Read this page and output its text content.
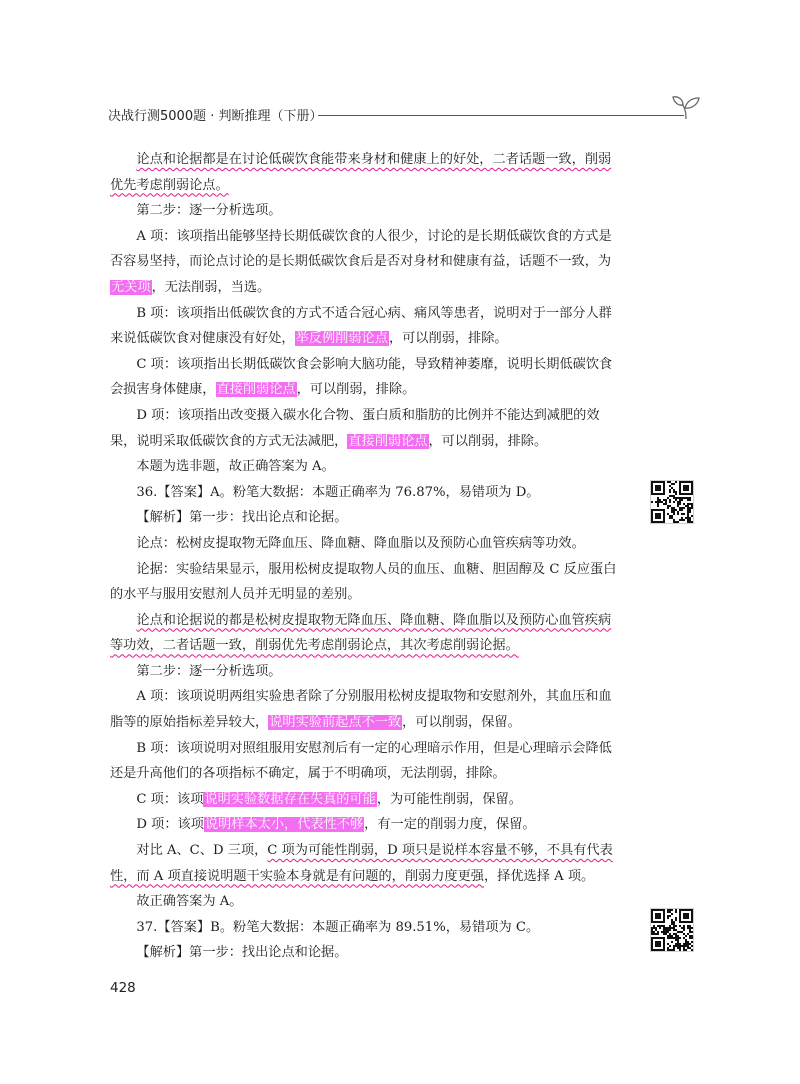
决战行测5000题 · 判断推理（下册）

论点和论据都是在讨论低碳饮食能带来身材和健康上的好处，二者话题一致，削弱优先考虑削弱论点。

第二步：逐一分析选项。

A 项：该项指出能够坚持长期低碳饮食的人很少，讨论的是长期低碳饮食的方式是否容易坚持，而论点讨论的是长期低碳饮食后是否对身材和健康有益，话题不一致，为无关项，无法削弱，当选。

B 项：该项指出低碳饮食的方式不适合冠心病、痛风等患者，说明对于一部分人群来说低碳饮食对健康没有好处，举反例削弱论点，可以削弱，排除。

C 项：该项指出长期低碳饮食会影响大脑功能，导致精神萎靡，说明长期低碳饮食会损害身体健康，直接削弱论点，可以削弱，排除。

D 项：该项指出改变摄入碳水化合物、蛋白质和脂肪的比例并不能达到减肥的效果，说明采取低碳饮食的方式无法减肥，直接削弱论点，可以削弱，排除。

本题为选非题，故正确答案为 A。

36.【答案】A。粉笔大数据：本题正确率为 76.87%，易错项为 D。

【解析】第一步：找出论点和论据。

论点：松树皮提取物无降血压、降血糖、降血脂以及预防心血管疾病等功效。

论据：实验结果显示，服用松树皮提取物人员的血压、血糖、胆固醇及 C 反应蛋白的水平与服用安慰剂人员并无明显的差别。

论点和论据说的都是松树皮提取物无降血压、降血糖、降血脂以及预防心血管疾病等功效，二者话题一致，削弱优先考虑削弱论点，其次考虑削弱论据。

第二步：逐一分析选项。

A 项：该项说明两组实验患者除了分别服用松树皮提取物和安慰剂外，其血压和血脂等的原始指标差异较大，说明实验前起点不一致，可以削弱，保留。

B 项：该项说明对照组服用安慰剂后有一定的心理暗示作用，但是心理暗示会降低还是升高他们的各项指标不确定，属于不明确项，无法削弱，排除。

C 项：该项说明实验数据存在失真的可能，为可能性削弱，保留。

D 项：该项说明样本太小，代表性不够，有一定的削弱力度，保留。

对比 A、C、D 三项，C 项为可能性削弱，D 项只是说样本容量不够，不具有代表性，而 A 项直接说明题干实验本身就是有问题的，削弱力度更强，择优选择 A 项。

故正确答案为 A。

37.【答案】B。粉笔大数据：本题正确率为 89.51%，易错项为 C。

【解析】第一步：找出论点和论据。

428
